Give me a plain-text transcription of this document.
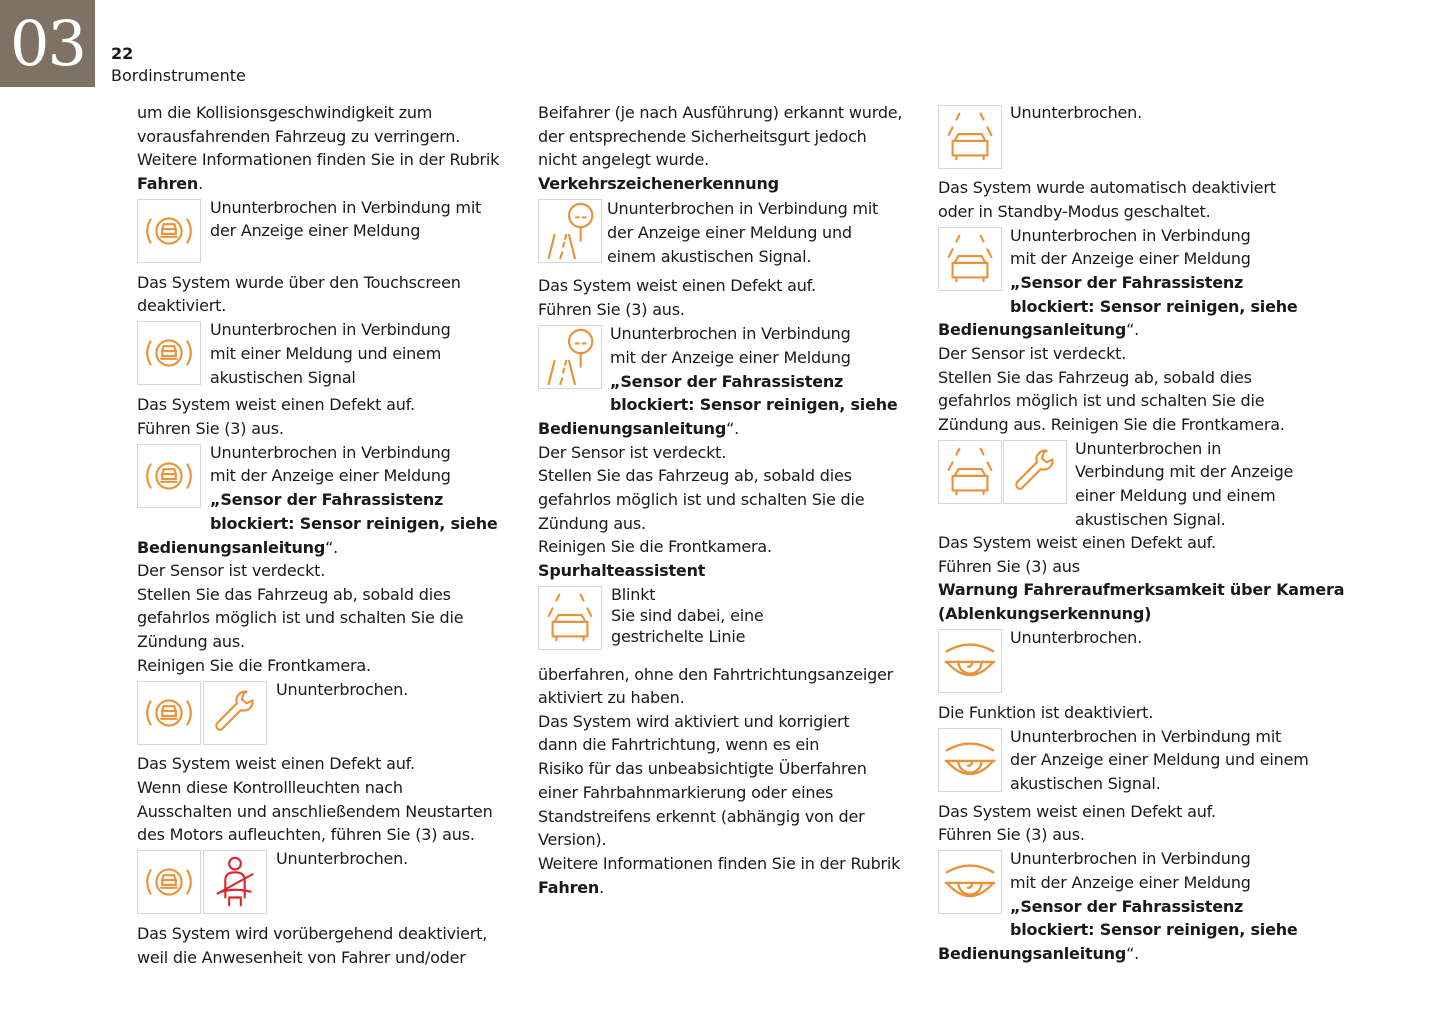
03	22
Bordinstrumente
um die Kollisionsgeschwindigkeit zum
vorausfahrenden Fahrzeug zu verringern.
Weitere Informationen finden Sie in der Rubrik
Fahren.
Ununterbrochen in Verbindung mit
der Anzeige einer Meldung
Das System wurde über den Touchscreen
deaktiviert.
Ununterbrochen in Verbindung
mit einer Meldung und einem
akustischen Signal
Das System weist einen Defekt auf.
Führen Sie (3) aus.
Ununterbrochen in Verbindung
mit der Anzeige einer Meldung
„Sensor der Fahrassistenz
blockiert: Sensor reinigen, siehe
Bedienungsanleitung“.
Der Sensor ist verdeckt.
Stellen Sie das Fahrzeug ab, sobald dies
gefahrlos möglich ist und schalten Sie die
Zündung aus.
Reinigen Sie die Frontkamera.
Ununterbrochen.
Das System weist einen Defekt auf.
Wenn diese Kontrollleuchten nach
Ausschalten und anschließendem Neustarten
des Motors aufleuchten, führen Sie (3) aus.
Ununterbrochen.
Das System wird vorübergehend deaktiviert,
weil die Anwesenheit von Fahrer und/oder
Beifahrer (je nach Ausführung) erkannt wurde,
der entsprechende Sicherheitsgurt jedoch
nicht angelegt wurde.
Verkehrszeichenerkennung
Ununterbrochen in Verbindung mit
der Anzeige einer Meldung und
einem akustischen Signal.
Das System weist einen Defekt auf.
Führen Sie (3) aus.
Ununterbrochen in Verbindung
mit der Anzeige einer Meldung
„Sensor der Fahrassistenz
blockiert: Sensor reinigen, siehe
Bedienungsanleitung“.
Der Sensor ist verdeckt.
Stellen Sie das Fahrzeug ab, sobald dies
gefahrlos möglich ist und schalten Sie die
Zündung aus.
Reinigen Sie die Frontkamera.
Spurhalteassistent
Blinkt
Sie sind dabei, eine
gestrichelte Linie
überfahren, ohne den Fahrtrichtungsanzeiger
aktiviert zu haben.
Das System wird aktiviert und korrigiert
dann die Fahrtrichtung, wenn es ein
Risiko für das unbeabsichtigte Überfahren
einer Fahrbahnmarkierung oder eines
Standstreifens erkennt (abhängig von der
Version).
Weitere Informationen finden Sie in der Rubrik
Fahren.
Ununterbrochen.
Das System wurde automatisch deaktiviert
oder in Standby-Modus geschaltet.
Ununterbrochen in Verbindung
mit der Anzeige einer Meldung
„Sensor der Fahrassistenz
blockiert: Sensor reinigen, siehe
Bedienungsanleitung“.
Der Sensor ist verdeckt.
Stellen Sie das Fahrzeug ab, sobald dies
gefahrlos möglich ist und schalten Sie die
Zündung aus. Reinigen Sie die Frontkamera.
Ununterbrochen in
Verbindung mit der Anzeige
einer Meldung und einem
akustischen Signal.
Das System weist einen Defekt auf.
Führen Sie (3) aus
Warnung Fahreraufmerksamkeit über Kamera
(Ablenkungserkennung)
Ununterbrochen.
Die Funktion ist deaktiviert.
Ununterbrochen in Verbindung mit
der Anzeige einer Meldung und einem
akustischen Signal.
Das System weist einen Defekt auf.
Führen Sie (3) aus.
Ununterbrochen in Verbindung
mit der Anzeige einer Meldung
„Sensor der Fahrassistenz
blockiert: Sensor reinigen, siehe
Bedienungsanleitung“.
